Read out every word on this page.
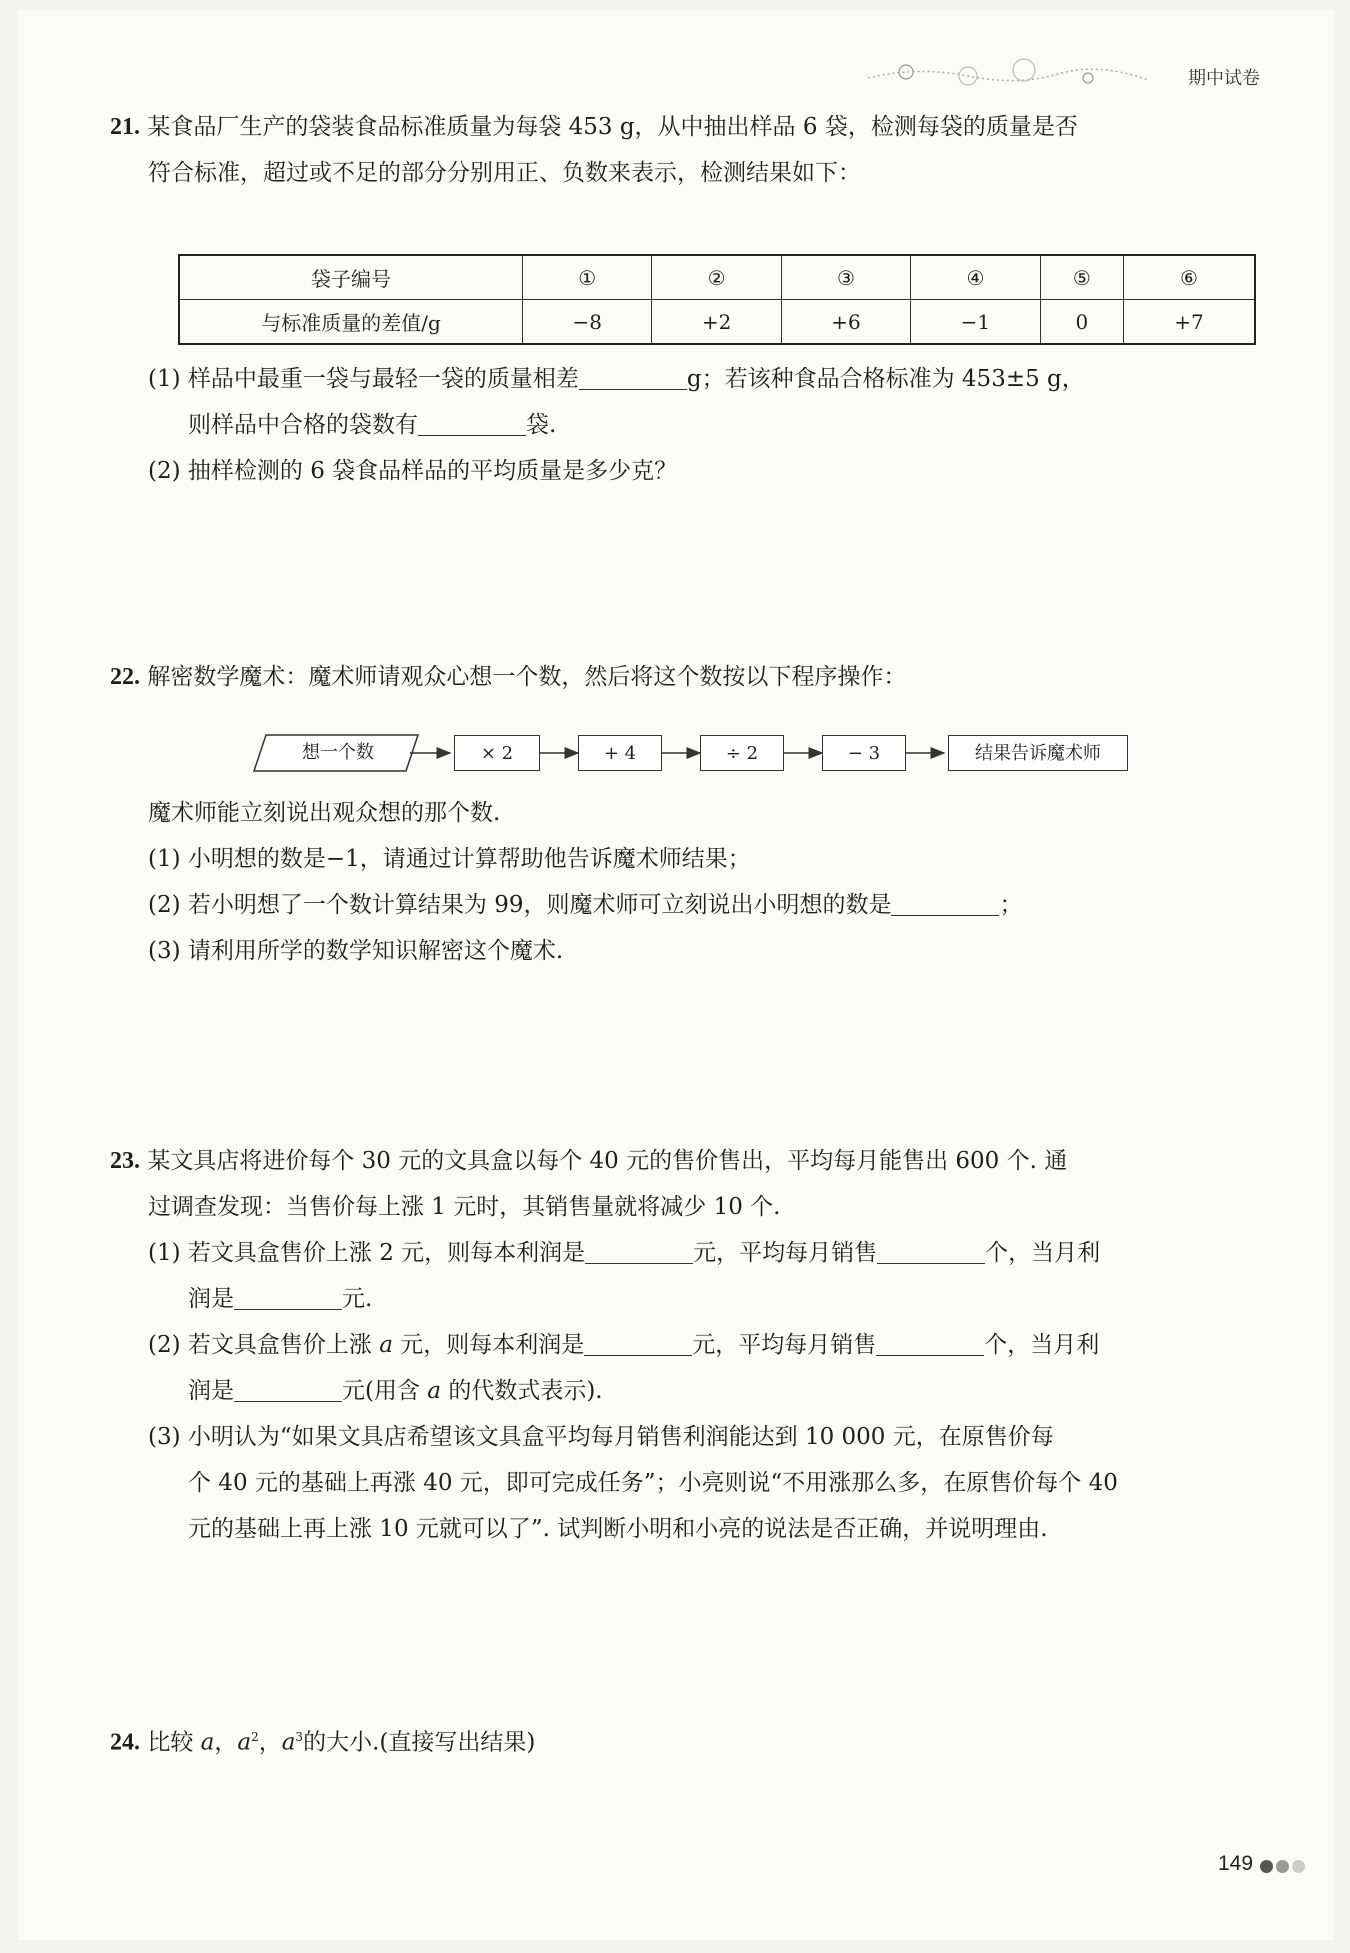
期中试卷
21. 某食品厂生产的袋装食品标准质量为每袋 453 g，从中抽出样品 6 袋，检测每袋的质量是否
符合标准，超过或不足的部分分别用正、负数来表示，检测结果如下：
袋子编号	①	②	③	④	⑤	⑥
与标准质量的差值/g	−8	+2	+6	−1	0	+7
(1) 样品中最重一袋与最轻一袋的质量相差	g；若该种食品合格标准为 453±5 g，
则样品中合格的袋数有	袋.
(2) 抽样检测的 6 袋食品样品的平均质量是多少克？
22. 解密数学魔术：魔术师请观众心想一个数，然后将这个数按以下程序操作：
想一个数	× 2	+ 4	÷ 2	− 3	结果告诉魔术师
魔术师能立刻说出观众想的那个数.
(1) 小明想的数是−1，请通过计算帮助他告诉魔术师结果；
(2) 若小明想了一个数计算结果为 99，则魔术师可立刻说出小明想的数是	；
(3) 请利用所学的数学知识解密这个魔术.
23. 某文具店将进价每个 30 元的文具盒以每个 40 元的售价售出，平均每月能售出 600 个. 通
过调查发现：当售价每上涨 1 元时，其销售量就将减少 10 个.
(1) 若文具盒售价上涨 2 元，则每本利润是	元，平均每月销售	个，当月利
润是	元.
(2) 若文具盒售价上涨 a 元，则每本利润是	元，平均每月销售	个，当月利
润是	元(用含 a 的代数式表示).
(3) 小明认为“如果文具店希望该文具盒平均每月销售利润能达到 10 000 元，在原售价每
个 40 元的基础上再涨 40 元，即可完成任务”；小亮则说“不用涨那么多，在原售价每个 40
元的基础上再上涨 10 元就可以了”. 试判断小明和小亮的说法是否正确，并说明理由.
24. 比较 a，$a^2$，$a^3$的大小.(直接写出结果)
149
